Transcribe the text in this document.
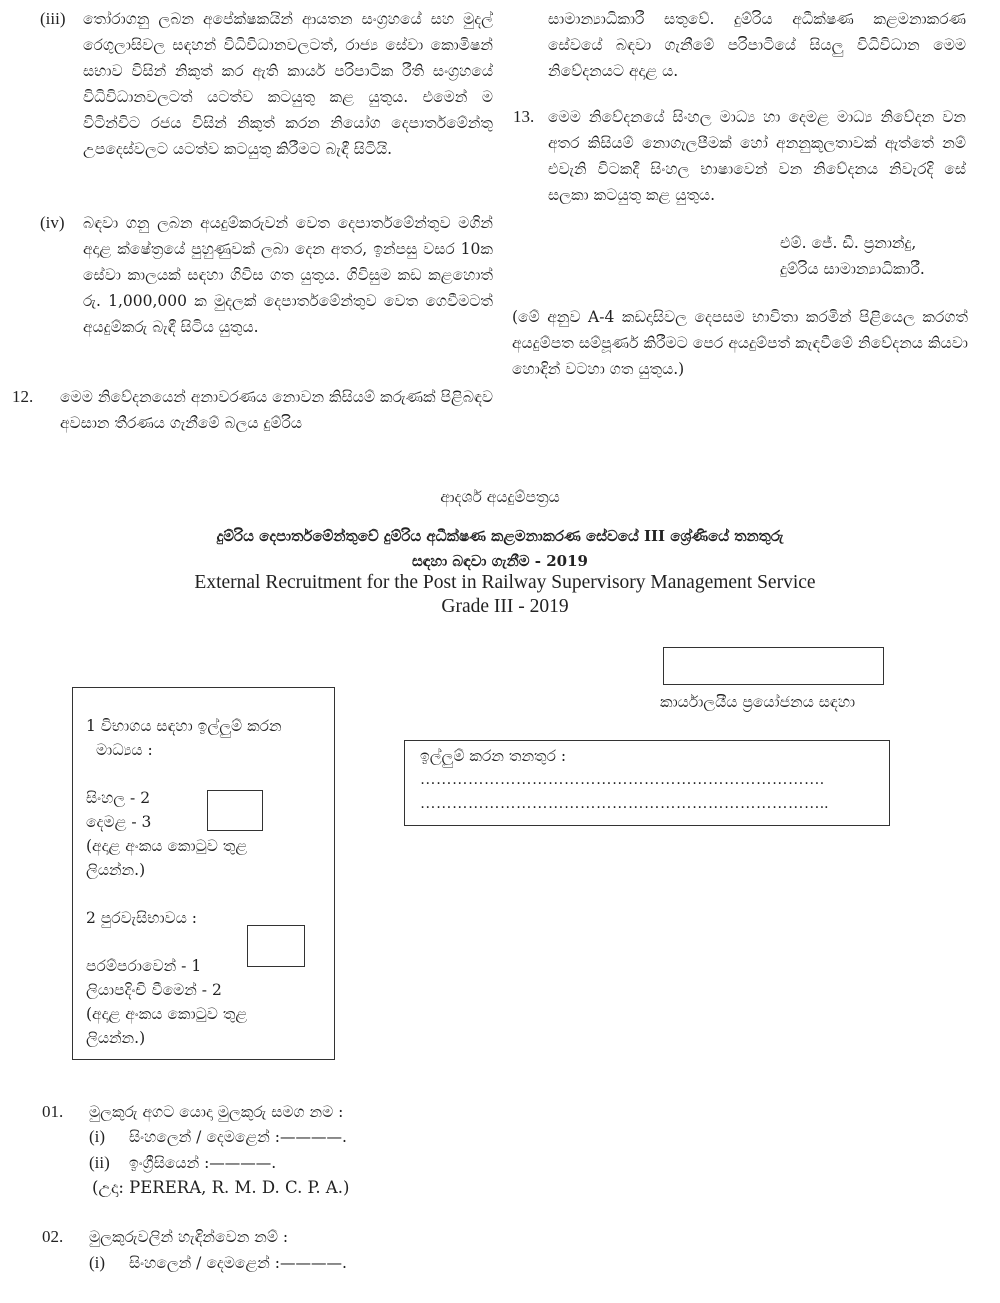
(iii) තෝරාගනු ලබන අපේක්ෂකයින් ආයතන සංග්‍රහයේ සහ මුදල් රෙගුලාසිවල සඳහන් විධිවිධානවලටත්, රාජ්‍ය සේවා කොමිෂන් සභාව විසින් නිකුත් කර ඇති කාර්ය පරිපාටික රීති සංග්‍රහයේ විධිවිධානවලටත් යටත්ව කටයුතු කළ යුතුය. එමෙන් ම විටින්විට රජය විසින් නිකුත් කරන නියෝග දෙපාර්තමේන්තු උපදෙස්වලට යටත්ව කටයුතු කිරීමට බැඳී සිටියි.
(iv) බඳවා ගනු ලබන අයදුම්කරුවන් වෙත දෙපාර්තමේන්තුව මගින් අදාළ ක්ෂේත්‍රයේ පුහුණුවක් ලබා දෙන අතර, ඉන්පසු වසර 10ක සේවා කාලයක් සඳහා ගිවිස ගත යුතුය. ගිවිසුම කඩ කළහොත් රු. 1,000,000 ක මුදලක් දෙපාර්තමේන්තුව වෙත ගෙවීමටත් අයදුම්කරු බැඳී සිටිය යුතුය.
12. මෙම නිවේදනයෙන් අනාවරණය නොවන කිසියම් කරුණක් පිළිබඳව අවසාන තීරණය ගැනීමේ බලය දුම්රිය
සාමාන්‍යාධිකාරී සතුවේ. දුම්රිය අධීක්ෂණ කළමනාකරණ සේවයේ බඳවා ගැනීමේ පරිපාටියේ සියලු විධිවිධාන මෙම නිවේදනයට අදාළ ය.
13. මෙම නිවේදනයේ සිංහල මාධ්‍ය හා දෙමළ මාධ්‍ය නිවේදන වන අතර කිසියම් නොගැලපීමක් හෝ අනනුකූලතාවක් ඇත්තේ නම් එවැනි විටකදී සිංහල භාෂාවෙන් වන නිවේදනය නිවැරදි සේ සලකා කටයුතු කළ යුතුය.
එම්. ජේ. ඩී. ප්‍රනාන්දු,
දුම්රිය සාමාන්‍යාධිකාරී.
(මේ අනුව A-4 කඩදාසිවල දෙපසම භාවිතා කරමින් පිළියෙල කරගත් අයදුම්පත සම්පූර්ණ කිරීමට පෙර අයදුම්පත් කැඳවීමේ නිවේදනය කියවා හොඳින් වටහා ගත යුතුය.)
ආදර්ශ අයදුම්පත්‍රය
දුම්රිය දෙපාර්තමේන්තුවේ දුම්රිය අධීක්ෂණ කළමනාකරණ සේවයේ III ශ්‍රේණියේ තනතුරු
සඳහා බඳවා ගැනීම - 2019
External Recruitment for the Post in Railway Supervisory Management Service
Grade III - 2019
කාර්යාලයීය ප්‍රයෝජනය සඳහා
1 විභාගය සඳහා ඉල්ලුම් කරන
මාධ්‍යය :
සිංහල - 2
දෙමළ - 3
(අදාළ අංකය කොටුව තුළ
ලියන්න.)
2 පුරවැසිභාවය :
පරම්පරාවෙන් - 1
ලියාපදිංචි වීමෙන් - 2
(අදාළ අංකය කොටුව තුළ
ලියන්න.)
ඉල්ලුම් කරන තනතුර :
………………………………………………………………….
…………………………………………………………………..
01. මුලකුරු අගට යොදා මුලකුරු සමග නම :
(i) සිංහලෙන් / දෙමළෙන් :————.
(ii) ඉංග්‍රීසියෙන් :————.
(උදා: PERERA, R. M. D. C. P. A.)
02. මුලකුරුවලින් හැඳින්වෙන නම් :
(i) සිංහලෙන් / දෙමළෙන් :————.
